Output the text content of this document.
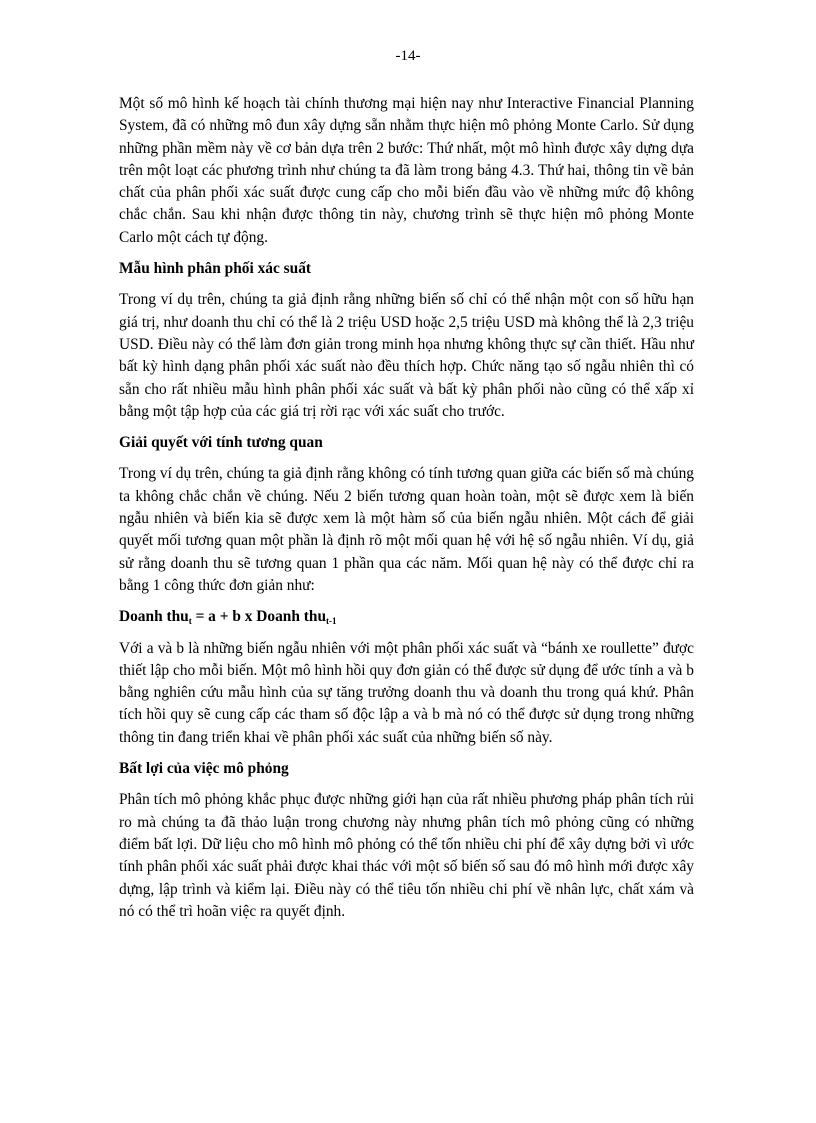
-14-

Một số mô hình kế hoạch tài chính thương mại hiện nay như Interactive Financial Planning System, đã có những mô đun xây dựng sẵn nhằm thực hiện mô phỏng Monte Carlo. Sử dụng những phần mềm này về cơ bản dựa trên 2 bước: Thứ nhất, một mô hình được xây dựng dựa trên một loạt các phương trình như chúng ta đã làm trong bảng 4.3. Thứ hai, thông tin về bản chất của phân phối xác suất được cung cấp cho mỗi biến đầu vào về những mức độ không chắc chắn. Sau khi nhận được thông tin này, chương trình sẽ thực hiện mô phỏng Monte Carlo một cách tự động.

Mẫu hình phân phối xác suất

Trong ví dụ trên, chúng ta giả định rằng những biến số chỉ có thể nhận một con số hữu hạn giá trị, như doanh thu chỉ có thể là 2 triệu USD hoặc 2,5 triệu USD mà không thể là 2,3 triệu USD. Điều này có thể làm đơn giản trong minh họa nhưng không thực sự cần thiết. Hầu như bất kỳ hình dạng phân phối xác suất nào đều thích hợp. Chức năng tạo số ngẫu nhiên thì có sẵn cho rất nhiều mẫu hình phân phối xác suất và bất kỳ phân phối nào cũng có thể xấp xỉ bằng một tập hợp của các giá trị rời rạc với xác suất cho trước.

Giải quyết với tính tương quan

Trong ví dụ trên, chúng ta giả định rằng không có tính tương quan giữa các biến số mà chúng ta không chắc chắn về chúng. Nếu 2 biến tương quan hoàn toàn, một sẽ được xem là biến ngẫu nhiên và biến kia sẽ được xem là một hàm số của biến ngẫu nhiên. Một cách để giải quyết mối tương quan một phần là định rõ một mối quan hệ với hệ số ngẫu nhiên. Ví dụ, giả sử rằng doanh thu sẽ tương quan 1 phần qua các năm. Mối quan hệ này có thể được chỉ ra bằng 1 công thức đơn giản như:

Doanh thu$_t$ = a + b x Doanh thu$_{t-1}$

Với a và b là những biến ngẫu nhiên với một phân phối xác suất và “bánh xe roullette” được thiết lập cho mỗi biến. Một mô hình hồi quy đơn giản có thể được sử dụng để ước tính a và b bằng nghiên cứu mẫu hình của sự tăng trưởng doanh thu và doanh thu trong quá khứ. Phân tích hồi quy sẽ cung cấp các tham số độc lập a và b mà nó có thể được sử dụng trong những thông tin đang triển khai về phân phối xác suất của những biến số này.

Bất lợi của việc mô phỏng

Phân tích mô phỏng khắc phục được những giới hạn của rất nhiều phương pháp phân tích rủi ro mà chúng ta đã thảo luận trong chương này nhưng phân tích mô phỏng cũng có những điểm bất lợi. Dữ liệu cho mô hình mô phỏng có thể tốn nhiều chi phí để xây dựng bởi vì ước tính phân phối xác suất phải được khai thác với một số biến số sau đó mô hình mới được xây dựng, lập trình và kiểm lại. Điều này có thể tiêu tốn nhiều chi phí về nhân lực, chất xám và nó có thể trì hoãn việc ra quyết định.
